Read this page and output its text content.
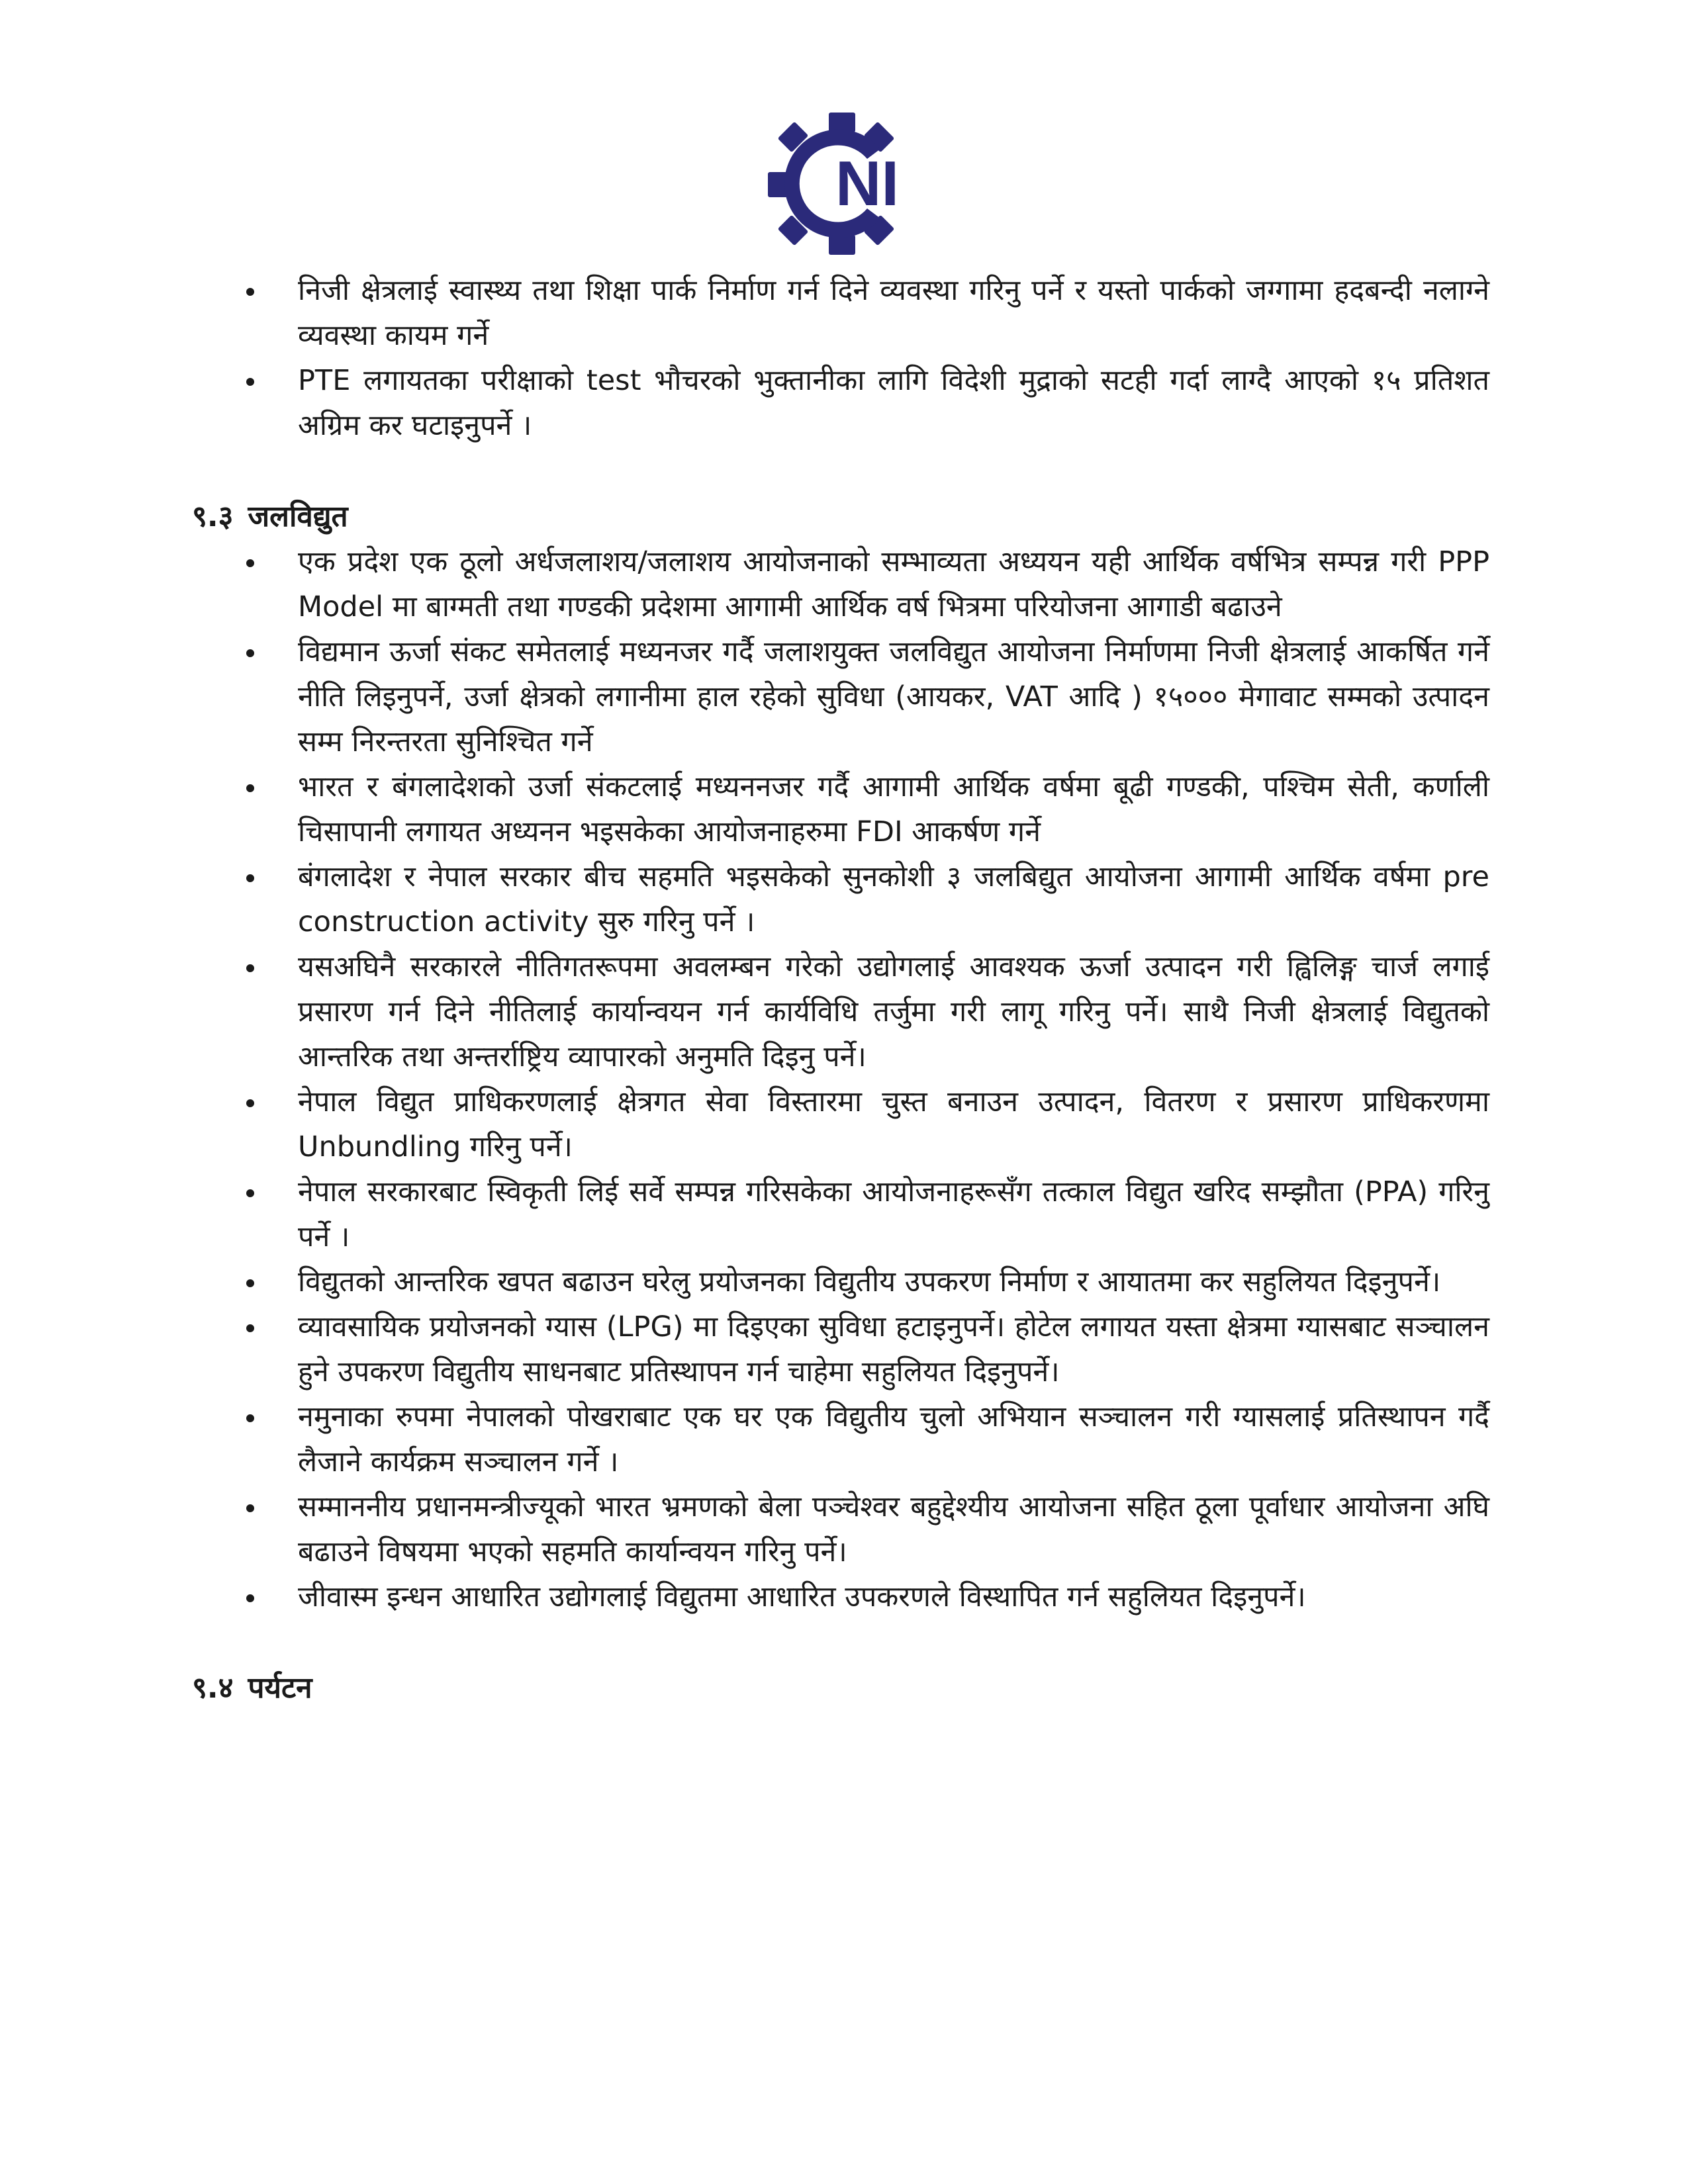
NI
निजी क्षेत्रलाई स्वास्थ्य तथा शिक्षा पार्क निर्माण गर्न दिने व्यवस्था गरिनु पर्ने र यस्तो पार्कको जग्गामा हदबन्दी नलाग्ने व्यवस्था कायम गर्ने
PTE लगायतका परीक्षाको test भौचरको भुक्तानीका लागि विदेशी मुद्राको सटही गर्दा लाग्दै आएको १५ प्रतिशत अग्रिम कर घटाइनुपर्ने ।
९.३ जलविद्युत
एक प्रदेश एक ठूलो अर्धजलाशय/जलाशय आयोजनाको सम्भाव्यता अध्ययन यही आर्थिक वर्षभित्र सम्पन्न गरी PPP Model मा बाग्मती तथा गण्डकी प्रदेशमा आगामी आर्थिक वर्ष भित्रमा परियोजना आगाडी बढाउने
विद्यमान ऊर्जा संकट समेतलाई मध्यनजर गर्दै जलाशयुक्त जलविद्युत आयोजना निर्माणमा निजी क्षेत्रलाई आकर्षित गर्ने नीति लिइनुपर्ने, उर्जा क्षेत्रको लगानीमा हाल रहेको सुविधा (आयकर, VAT आदि ) १५००० मेगावाट सम्मको उत्पादन सम्म निरन्तरता सुनिश्चित गर्ने
भारत र बंगलादेशको उर्जा संकटलाई मध्यननजर गर्दै आगामी आर्थिक वर्षमा बूढी गण्डकी, पश्चिम सेती, कर्णाली चिसापानी लगायत अध्यनन भइसकेका आयोजनाहरुमा FDI आकर्षण गर्ने
बंगलादेश र नेपाल सरकार बीच सहमति भइसकेको सुनकोशी ३ जलबिद्युत आयोजना आगामी आर्थिक वर्षमा pre construction activity सुरु गरिनु पर्ने ।
यसअघिनै सरकारले नीतिगतरूपमा अवलम्बन गरेको उद्योगलाई आवश्यक ऊर्जा उत्पादन गरी ह्विलिङ्ग चार्ज लगाई प्रसारण गर्न दिने नीतिलाई कार्यान्वयन गर्न कार्यविधि तर्जुमा गरी लागू गरिनु पर्ने। साथै निजी क्षेत्रलाई विद्युतको आन्तरिक तथा अन्तर्राष्ट्रिय व्यापारको अनुमति दिइनु पर्ने।
नेपाल विद्युत प्राधिकरणलाई क्षेत्रगत सेवा विस्तारमा चुस्त बनाउन उत्पादन, वितरण र प्रसारण प्राधिकरणमा Unbundling गरिनु पर्ने।
नेपाल सरकारबाट स्विकृती लिई सर्वे सम्पन्न गरिसकेका आयोजनाहरूसँग तत्काल विद्युत खरिद सम्झौता (PPA) गरिनु पर्ने ।
विद्युतको आन्तरिक खपत बढाउन घरेलु प्रयोजनका विद्युतीय उपकरण निर्माण र आयातमा कर सहुलियत दिइनुपर्ने।
व्यावसायिक प्रयोजनको ग्यास (LPG) मा दिइएका सुविधा हटाइनुपर्ने। होटेल लगायत यस्ता क्षेत्रमा ग्यासबाट सञ्चालन हुने उपकरण विद्युतीय साधनबाट प्रतिस्थापन गर्न चाहेमा सहुलियत दिइनुपर्ने।
नमुनाका रुपमा नेपालको पोखराबाट एक घर एक विद्युतीय चुलो अभियान सञ्चालन गरी ग्यासलाई प्रतिस्थापन गर्दै लैजाने कार्यक्रम सञ्चालन गर्ने ।
सम्माननीय प्रधानमन्त्रीज्यूको भारत भ्रमणको बेला पञ्चेश्वर बहुद्देश्यीय आयोजना सहित ठूला पूर्वाधार आयोजना अघि बढाउने विषयमा भएको सहमति कार्यान्वयन गरिनु पर्ने।
जीवास्म इन्धन आधारित उद्योगलाई विद्युतमा आधारित उपकरणले विस्थापित गर्न सहुलियत दिइनुपर्ने।
९.४ पर्यटन
